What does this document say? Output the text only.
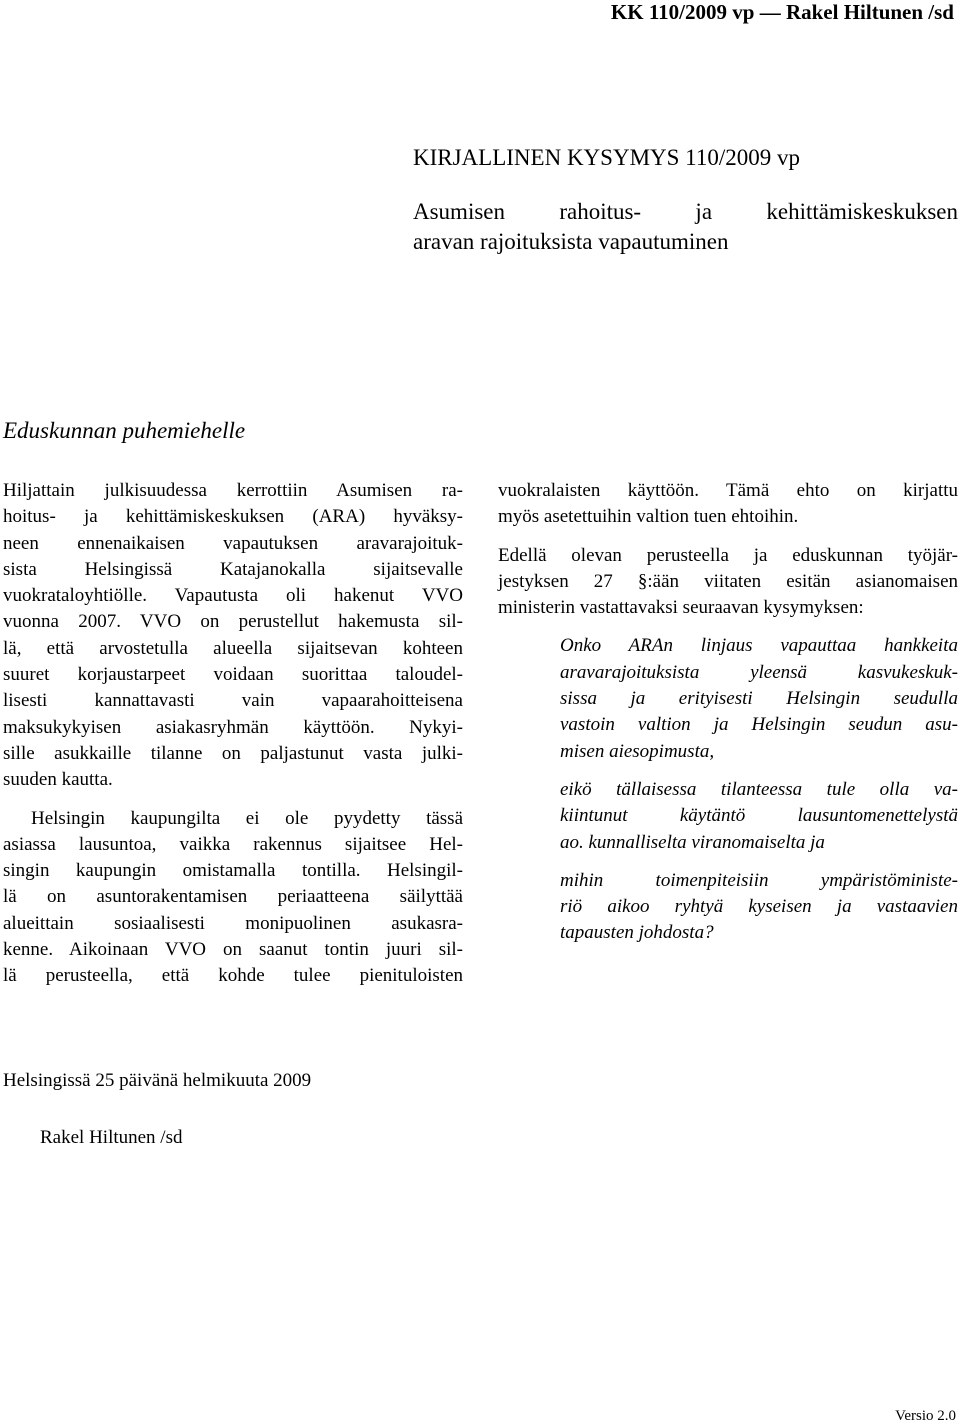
KK 110/2009 vp — Rakel Hiltunen /sd
KIRJALLINEN KYSYMYS 110/2009 vp
Asumisen rahoitus- ja kehittämiskeskuksen
aravan rajoituksista vapautuminen
Eduskunnan puhemiehelle

Hiljattain julkisuudessa kerrottiin Asumisen ra-
hoitus- ja kehittämiskeskuksen (ARA) hyväksy-
neen ennenaikaisen vapautuksen aravarajoituk-
sista Helsingissä Katajanokalla sijaitsevalle
vuokrataloyhtiölle. Vapautusta oli hakenut VVO
vuonna 2007. VVO on perustellut hakemusta sil-
lä, että arvostetulla alueella sijaitsevan kohteen
suuret korjaustarpeet voidaan suorittaa taloudel-
lisesti kannattavasti vain vapaarahoitteisena
maksukykyisen asiakasryhmän käyttöön. Nykyi-
sille asukkaille tilanne on paljastunut vasta julki-
suuden kautta.

Helsingin kaupungilta ei ole pyydetty tässä
asiassa lausuntoa, vaikka rakennus sijaitsee Hel-
singin kaupungin omistamalla tontilla. Helsingil-
lä on asuntorakentamisen periaatteena säilyttää
alueittain sosiaalisesti monipuolinen asukasra-
kenne. Aikoinaan VVO on saanut tontin juuri sil-
lä perusteella, että kohde tulee pienituloisten

vuokralaisten käyttöön. Tämä ehto on kirjattu
myös asetettuihin valtion tuen ehtoihin.

Edellä olevan perusteella ja eduskunnan työjär-
jestyksen 27 §:ään viitaten esitän asianomaisen
ministerin vastattavaksi seuraavan kysymyksen:

Onko ARAn linjaus vapauttaa hankkeita
aravarajoituksista yleensä kasvukeskuk-
sissa ja erityisesti Helsingin seudulla
vastoin valtion ja Helsingin seudun asu-
misen aiesopimusta,

eikö tällaisessa tilanteessa tule olla va-
kiintunut käytäntö lausuntomenettelystä
ao. kunnalliselta viranomaiselta ja

mihin toimenpiteisiin ympäristöministe-
riö aikoo ryhtyä kyseisen ja vastaavien
tapausten johdosta?

Helsingissä 25 päivänä helmikuuta 2009
Rakel Hiltunen /sd
Versio 2.0
